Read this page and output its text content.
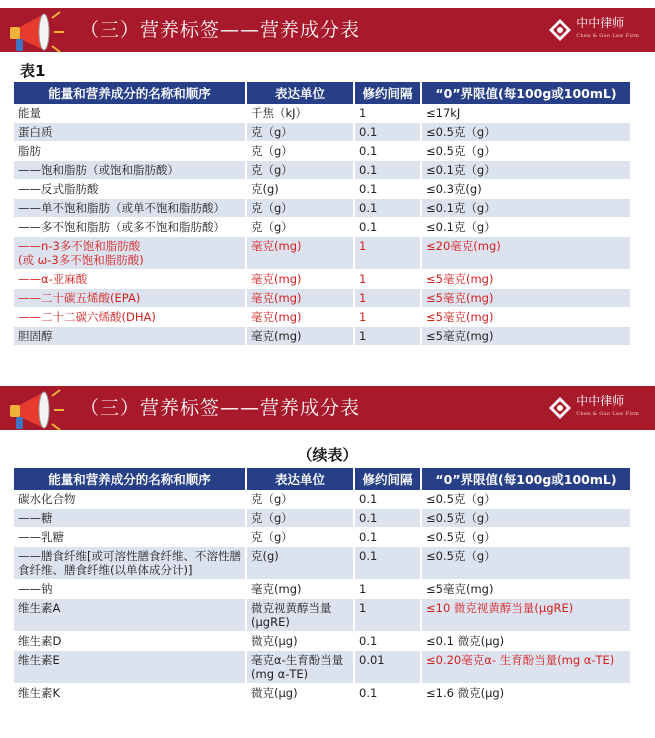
（三）营养标签——营养成分表	中中律师
Chen & Guo Law Firm
表1
能量和营养成分的名称和顺序	表达单位	修约间隔	“0”界限值(每100g或100mL)
能量	千焦（kJ）	1	≤17kJ
蛋白质	克（g）	0.1	≤0.5克（g）
脂肪	克（g）	0.1	≤0.5克（g）
——饱和脂肪（或饱和脂肪酸）	克（g）	0.1	≤0.1克（g）
——反式脂肪酸	克(g)	0.1	≤0.3克(g)
——单不饱和脂肪（或单不饱和脂肪酸）	克（g）	0.1	≤0.1克（g）
——多不饱和脂肪（或多不饱和脂肪酸）	克（g）	0.1	≤0.1克（g）
——n-3多不饱和脂肪酸
(或 ω-3多不饱和脂肪酸)	毫克(mg)	1	≤20毫克(mg)
——α-亚麻酸	毫克(mg)	1	≤5毫克(mg)
——二十碳五烯酸(EPA)	毫克(mg)	1	≤5毫克(mg)
——二十二碳六烯酸(DHA)	毫克(mg)	1	≤5毫克(mg)
胆固醇	毫克(mg)	1	≤5毫克(mg)
（三）营养标签——营养成分表	中中律师
Chen & Guo Law Firm
（续表）
能量和营养成分的名称和顺序	表达单位	修约间隔	“0”界限值(每100g或100mL)
碳水化合物	克（g）	0.1	≤0.5克（g）
——糖	克（g）	0.1	≤0.5克（g）
——乳糖	克（g）	0.1	≤0.5克（g）
——膳食纤维[或可溶性膳食纤维、不溶性膳食纤维、膳食纤维(以单体成分计)]	克(g)	0.1	≤0.5克（g）
——钠	毫克(mg)	1	≤5毫克(mg)
维生素A	微克视黄醇当量(μgRE)	1	≤10 微克视黄醇当量(μgRE)
维生素D	微克(μg)	0.1	≤0.1 微克(μg)
维生素E	毫克α-生育酚当量(mg α-TE)	0.01	≤0.20毫克α- 生育酚当量(mg α-TE)
维生素K	微克(μg)	0.1	≤1.6 微克(μg)
